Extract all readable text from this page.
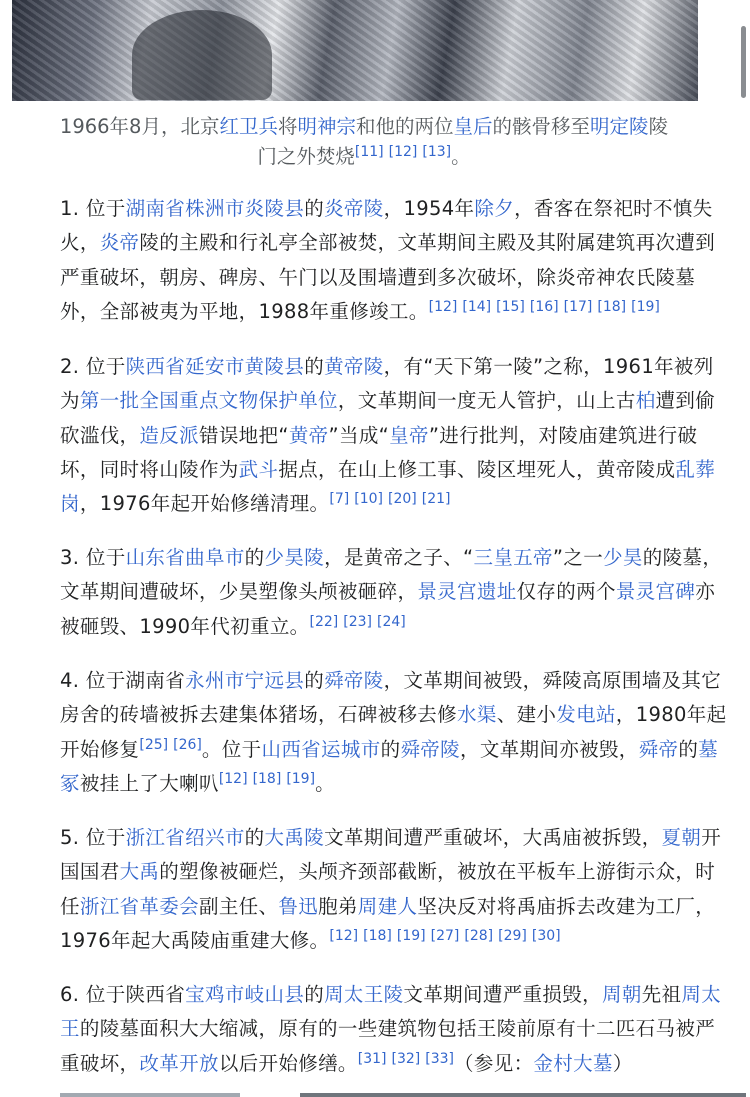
1966年8月，北京红卫兵将明神宗和他的两位皇后的骸骨移至明定陵陵
门之外焚烧[11] [12] [13]。
1. 位于湖南省株洲市炎陵县的炎帝陵，1954年除夕，香客在祭祀时不慎失
火，炎帝陵的主殿和行礼亭全部被焚，文革期间主殿及其附属建筑再次遭到
严重破坏，朝房、碑房、午门以及围墙遭到多次破坏，除炎帝神农氏陵墓
外，全部被夷为平地，1988年重修竣工。[12] [14] [15] [16] [17] [18] [19]
2. 位于陕西省延安市黄陵县的黄帝陵，有“天下第一陵”之称，1961年被列
为第一批全国重点文物保护单位，文革期间一度无人管护，山上古柏遭到偷
砍滥伐，造反派错误地把“黄帝”当成“皇帝”进行批判，对陵庙建筑进行破
坏，同时将山陵作为武斗据点，在山上修工事、陵区埋死人，黄帝陵成乱葬
岗，1976年起开始修缮清理。[7] [10] [20] [21]
3. 位于山东省曲阜市的少昊陵，是黄帝之子、“三皇五帝”之一少昊的陵墓，
文革期间遭破坏，少昊塑像头颅被砸碎，景灵宫遗址仅存的两个景灵宫碑亦
被砸毁、1990年代初重立。[22] [23] [24]
4. 位于湖南省永州市宁远县的舜帝陵，文革期间被毁，舜陵高原围墙及其它
房舍的砖墙被拆去建集体猪场，石碑被移去修水渠、建小发电站，1980年起
开始修复[25] [26]。位于山西省运城市的舜帝陵，文革期间亦被毁，舜帝的墓
冢被挂上了大喇叭[12] [18] [19]。
5. 位于浙江省绍兴市的大禹陵文革期间遭严重破坏，大禹庙被拆毁，夏朝开
国国君大禹的塑像被砸烂，头颅齐颈部截断，被放在平板车上游街示众，时
任浙江省革委会副主任、鲁迅胞弟周建人坚决反对将禹庙拆去改建为工厂，
1976年起大禹陵庙重建大修。[12] [18] [19] [27] [28] [29] [30]
6. 位于陕西省宝鸡市岐山县的周太王陵文革期间遭严重损毁，周朝先祖周太
王的陵墓面积大大缩减，原有的一些建筑物包括王陵前原有十二匹石马被严
重破坏，改革开放以后开始修缮。[31] [32] [33]（参见：金村大墓）
